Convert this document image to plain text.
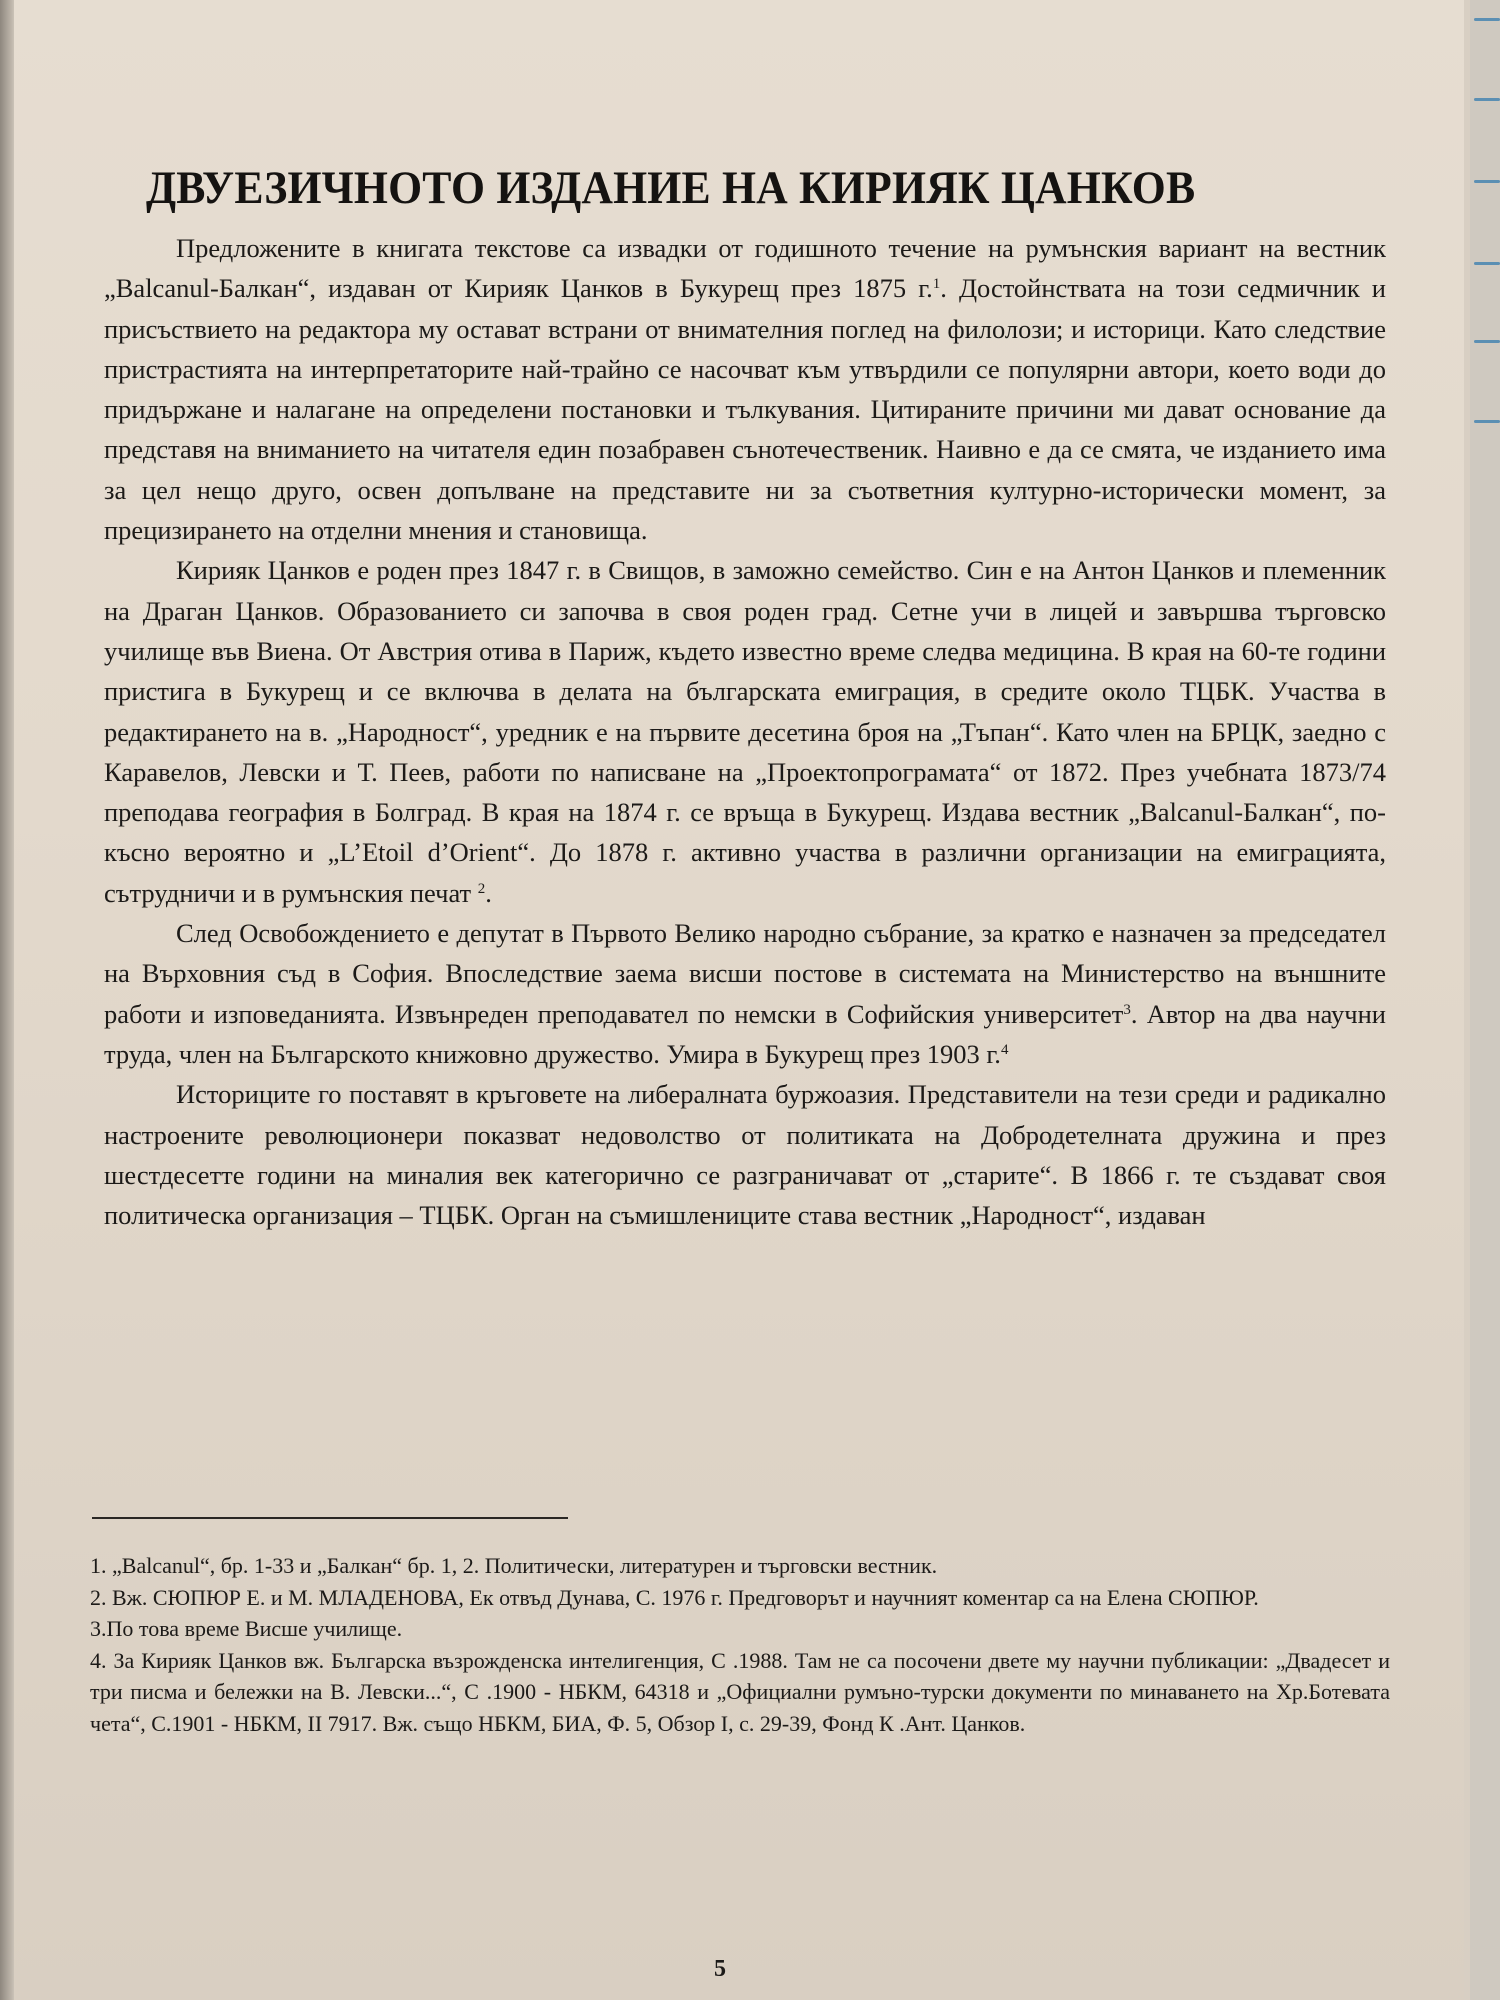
ДВУЕЗИЧНОТО ИЗДАНИЕ НА КИРИЯК ЦАНКОВ

Предложените в книгата текстове са извадки от годишното течение на румънския вариант на вестник „Balcanul-Балкан“, издаван от Кирияк Цанков в Букурещ през 1875 г.$^1$. Достойнствата на този седмичник и присъствието на редактора му остават встрани от внимателния поглед на филолози; и историци. Като следствие пристрастията на интерпретаторите най-трайно се насочват към утвърдили се популярни автори, което води до придържане и налагане на определени постановки и тълкувания. Цитираните причини ми дават основание да представя на вниманието на читателя един позабравен сънотечественик. Наивно е да се смята, че изданието има за цел нещо друго, освен допълване на представите ни за съответния културно-исторически момент, за прецизирането на отделни мнения и становища.

Кирияк Цанков е роден през 1847 г. в Свищов, в заможно семейство. Син е на Антон Цанков и племенник на Драган Цанков. Образованието си започва в своя роден град. Сетне учи в лицей и завършва търговско училище във Виена. От Австрия отива в Париж, където известно време следва медицина. В края на 60-те години пристига в Букурещ и се включва в делата на българската емиграция, в средите около ТЦБК. Участва в редактирането на в. „Народност“, уредник е на първите десетина броя на „Тъпан“. Като член на БРЦК, заедно с Каравелов, Левски и Т. Пеев, работи по написване на „Проектопрограмата“ от 1872. През учебната 1873/74 преподава география в Болград. В края на 1874 г. се връща в Букурещ. Издава вестник „Balcanul-Балкан“, по-късно вероятно и „L’Etoil d’Orient“. До 1878 г. активно участва в различни организации на емиграцията, сътрудничи и в румънския печат $^2$.

След Освобождението е депутат в Първото Велико народно събрание, за кратко е назначен за председател на Върховния съд в София. Впоследствие заема висши постове в системата на Министерство на външните работи и изповеданията. Извънреден преподавател по немски в Софийския университет$^3$. Автор на два научни труда, член на Българското книжовно дружество. Умира в Букурещ през 1903 г.$^4$

Историците го поставят в кръговете на либералната буржоазия. Представители на тези среди и радикално настроените революционери показват недоволство от политиката на Добродетелната дружина и през шестдесетте години на миналия век категорично се разграничават от „старите“. В 1866 г. те създават своя политическа организация – ТЦБК. Орган на съмишлениците става вестник „Народност“, издаван

1. „Balcanul“, бр. 1-33 и „Балкан“ бр. 1, 2. Политически, литературен и търговски вестник.

2. Вж. СЮПЮР Е. и М. МЛАДЕНОВА, Ек отвъд Дунава, С. 1976 г. Предговорът и научният коментар са на Елена СЮПЮР.

3.По това време Висше училище.

4. За Кирияк Цанков вж. Българска възрожденска интелигенция, С .1988. Там не са посочени двете му научни публикации: „Двадесет и три писма и бележки на В. Левски...“, С .1900 - НБКМ, 64318 и „Официални румъно-турски документи по минаването на Хр.Ботевата чета“, С.1901 - НБКМ, II 7917. Вж. също НБКМ, БИА, Ф. 5, Обзор I, с. 29-39, Фонд К .Ант. Цанков.

5
